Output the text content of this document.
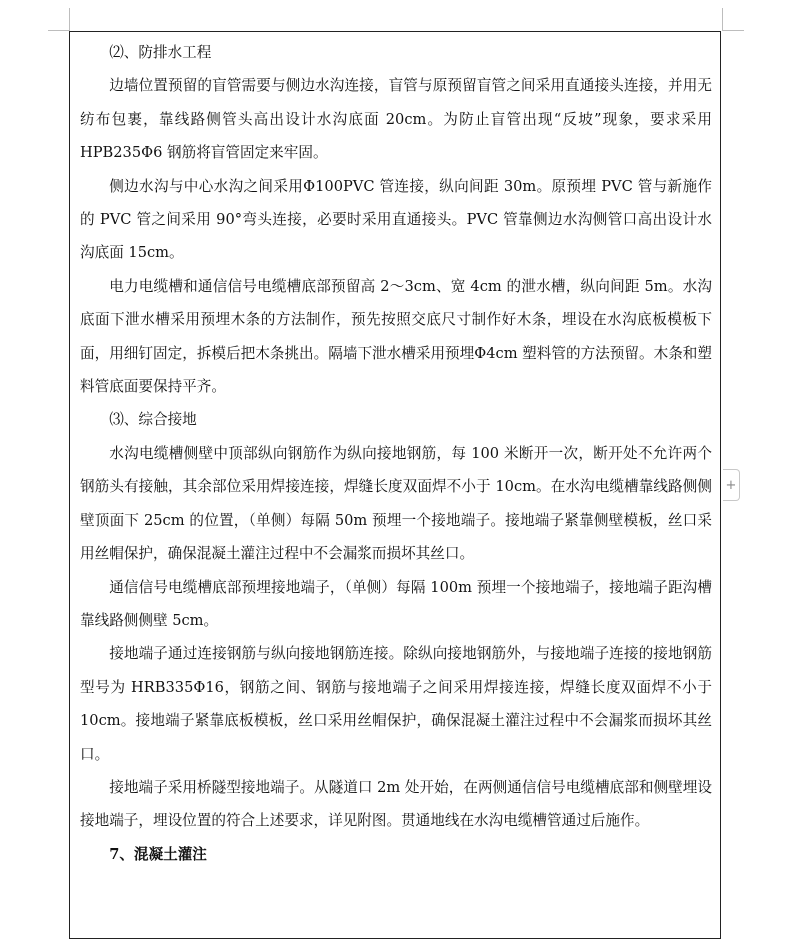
⑵、防排水工程

边墙位置预留的盲管需要与侧边水沟连接，盲管与原预留盲管之间采用直通接头连接，并用无纺布包裹，靠线路侧管头高出设计水沟底面 20cm。为防止盲管出现“反坡”现象，要求采用 HPB235Φ6 钢筋将盲管固定来牢固。

侧边水沟与中心水沟之间采用Φ100PVC 管连接，纵向间距 30m。原预埋 PVC 管与新施作的 PVC 管之间采用 90°弯头连接，必要时采用直通接头。PVC 管靠侧边水沟侧管口高出设计水沟底面 15cm。

电力电缆槽和通信信号电缆槽底部预留高 2～3cm、宽 4cm 的泄水槽，纵向间距 5m。水沟底面下泄水槽采用预埋木条的方法制作，预先按照交底尺寸制作好木条，埋设在水沟底板模板下面，用细钉固定，拆模后把木条挑出。隔墙下泄水槽采用预埋Φ4cm 塑料管的方法预留。木条和塑料管底面要保持平齐。

⑶、综合接地

水沟电缆槽侧壁中顶部纵向钢筋作为纵向接地钢筋，每 100 米断开一次，断开处不允许两个钢筋头有接触，其余部位采用焊接连接，焊缝长度双面焊不小于 10cm。在水沟电缆槽靠线路侧侧壁顶面下 25cm 的位置，（单侧）每隔 50m 预埋一个接地端子。接地端子紧靠侧壁模板，丝口采用丝帽保护，确保混凝土灌注过程中不会漏浆而损坏其丝口。

通信信号电缆槽底部预埋接地端子，（单侧）每隔 100m 预埋一个接地端子，接地端子距沟槽靠线路侧侧壁 5cm。

接地端子通过连接钢筋与纵向接地钢筋连接。除纵向接地钢筋外，与接地端子连接的接地钢筋型号为 HRB335Φ16，钢筋之间、钢筋与接地端子之间采用焊接连接，焊缝长度双面焊不小于 10cm。接地端子紧靠底板模板，丝口采用丝帽保护，确保混凝土灌注过程中不会漏浆而损坏其丝口。

接地端子采用桥隧型接地端子。从隧道口 2m 处开始，在两侧通信信号电缆槽底部和侧壁埋设接地端子，埋设位置的符合上述要求，详见附图。贯通地线在水沟电缆槽管通过后施作。

7、混凝土灌注

+
